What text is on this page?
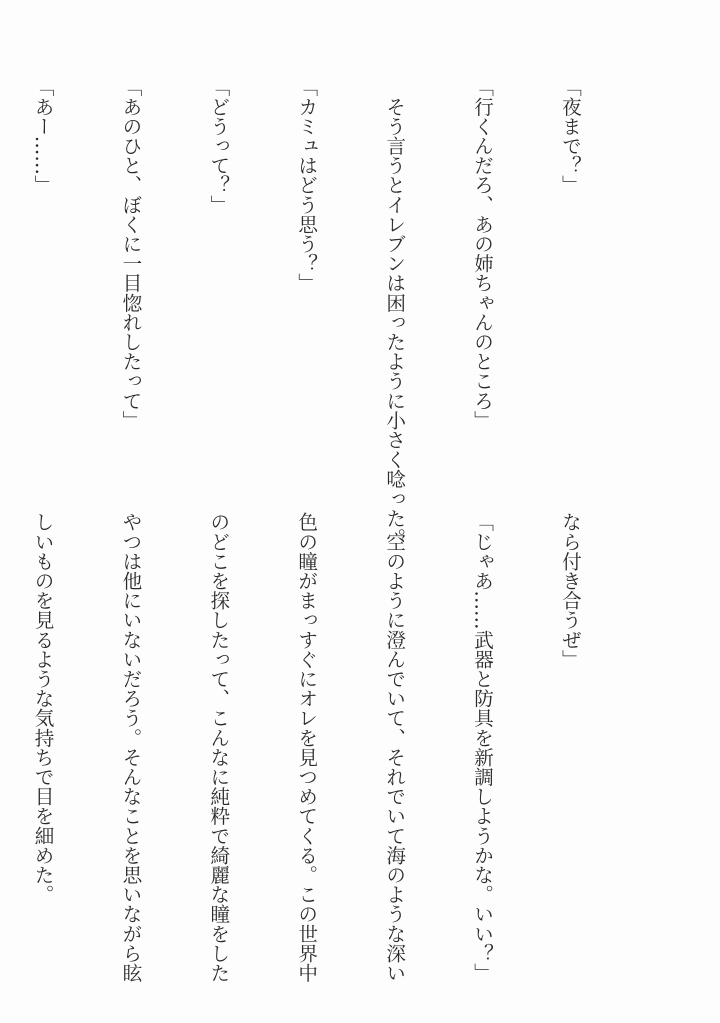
「夜まで？」

「行くんだろ、あの姉ちゃんのところ」

　そう言うとイレブンは困ったように小さく唸った。

「カミュはどう思う？」

「どうって？」

「あのひと、ぼくに一目惚れしたって」

「あー……」

なら付き合うぜ」

「じゃあ……武器と防具を新調しようかな。いい？」

　空のように澄んでいて、それでいて海のような深い

色の瞳がまっすぐにオレを見つめてくる。この世界中

のどこを探したって、こんなに純粋で綺麗な瞳をした

やつは他にいないだろう。そんなことを思いながら眩

しいものを見るような気持ちで目を細めた。
